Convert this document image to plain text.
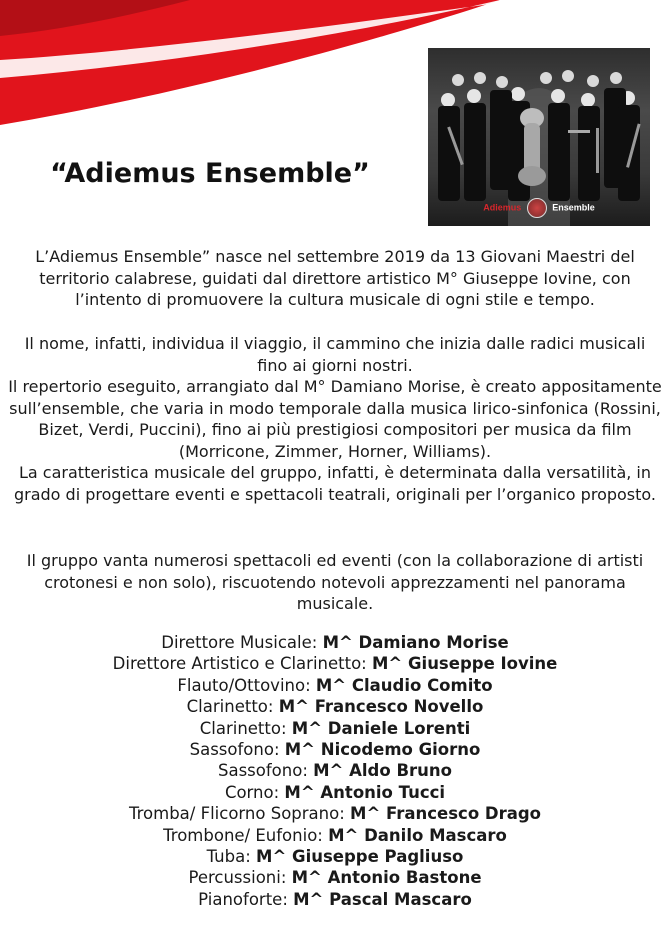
“Adiemus Ensemble”
Adiemus	Ensemble

L’Adiemus Ensemble” nasce nel settembre 2019 da 13 Giovani Maestri del territorio calabrese, guidati dal direttore artistico M° Giuseppe Iovine, con l’intento di promuovere la cultura musicale di ogni stile e tempo.

Il nome, infatti, individua il viaggio, il cammino che inizia dalle radici musicali fino ai giorni nostri.
Il repertorio eseguito, arrangiato dal M° Damiano Morise, è creato appositamente sull’ensemble, che varia in modo temporale dalla musica lirico-sinfonica (Rossini, Bizet, Verdi, Puccini), fino ai più prestigiosi compositori per musica da film (Morricone, Zimmer, Horner, Williams).
La caratteristica musicale del gruppo, infatti, è determinata dalla versatilità, in grado di progettare eventi e spettacoli teatrali, originali per l’organico proposto.

Il gruppo vanta numerosi spettacoli ed eventi (con la collaborazione di artisti crotonesi e non solo), riscuotendo notevoli apprezzamenti nel panorama musicale.

Direttore Musicale: M^ Damiano Morise
Direttore Artistico e Clarinetto: M^ Giuseppe Iovine
Flauto/Ottovino: M^ Claudio Comito
Clarinetto: M^ Francesco Novello
Clarinetto: M^ Daniele Lorenti
Sassofono: M^ Nicodemo Giorno
Sassofono: M^ Aldo Bruno
Corno: M^ Antonio Tucci
Tromba/ Flicorno Soprano: M^ Francesco Drago
Trombone/ Eufonio: M^ Danilo Mascaro
Tuba: M^ Giuseppe Pagliuso
Percussioni: M^ Antonio Bastone
Pianoforte: M^ Pascal Mascaro
